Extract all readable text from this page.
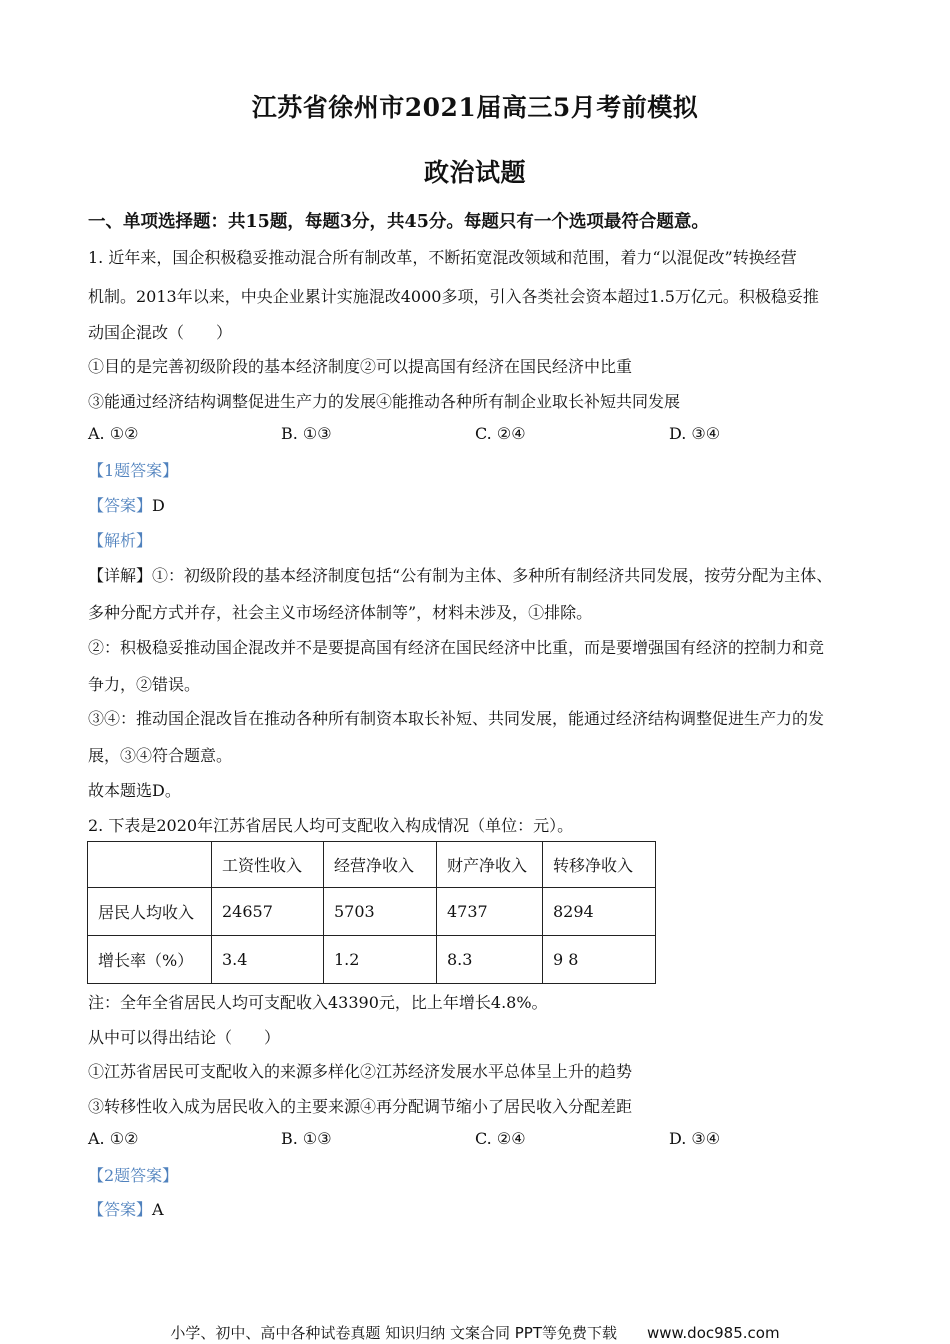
江苏省徐州市2021届高三5月考前模拟
政治试题
一、单项选择题：共15题，每题3分，共45分。每题只有一个选项最符合题意。
1. 近年来，国企积极稳妥推动混合所有制改革，不断拓宽混改领域和范围，着力“以混促改”转换经营
机制。2013年以来，中央企业累计实施混改4000多项，引入各类社会资本超过1.5万亿元。积极稳妥推
动国企混改（　　）
①目的是完善初级阶段的基本经济制度②可以提高国有经济在国民经济中比重
③能通过经济结构调整促进生产力的发展④能推动各种所有制企业取长补短共同发展
A. ①②	B. ①③	C. ②④	D. ③④
【1题答案】
【答案】D
【解析】
【详解】①：初级阶段的基本经济制度包括“公有制为主体、多种所有制经济共同发展，按劳分配为主体、
多种分配方式并存，社会主义市场经济体制等”，材料未涉及，①排除。
②：积极稳妥推动国企混改并不是要提高国有经济在国民经济中比重，而是要增强国有经济的控制力和竞
争力，②错误。
③④：推动国企混改旨在推动各种所有制资本取长补短、共同发展，能通过经济结构调整促进生产力的发
展，③④符合题意。
故本题选D。
2. 下表是2020年江苏省居民人均可支配收入构成情况（单位：元）。
	工资性收入	经营净收入	财产净收入	转移净收入
居民人均收入	24657	5703	4737	8294
增长率（%）	3.4	1.2	8.3	9 8
注：全年全省居民人均可支配收入43390元，比上年增长4.8%。
从中可以得出结论（　　）
①江苏省居民可支配收入的来源多样化②江苏经济发展水平总体呈上升的趋势
③转移性收入成为居民收入的主要来源④再分配调节缩小了居民收入分配差距
A. ①②	B. ①③	C. ②④	D. ③④
【2题答案】
【答案】A
小学、初中、高中各种试卷真题 知识归纳 文案合同 PPT等免费下载　　www.doc985.com
